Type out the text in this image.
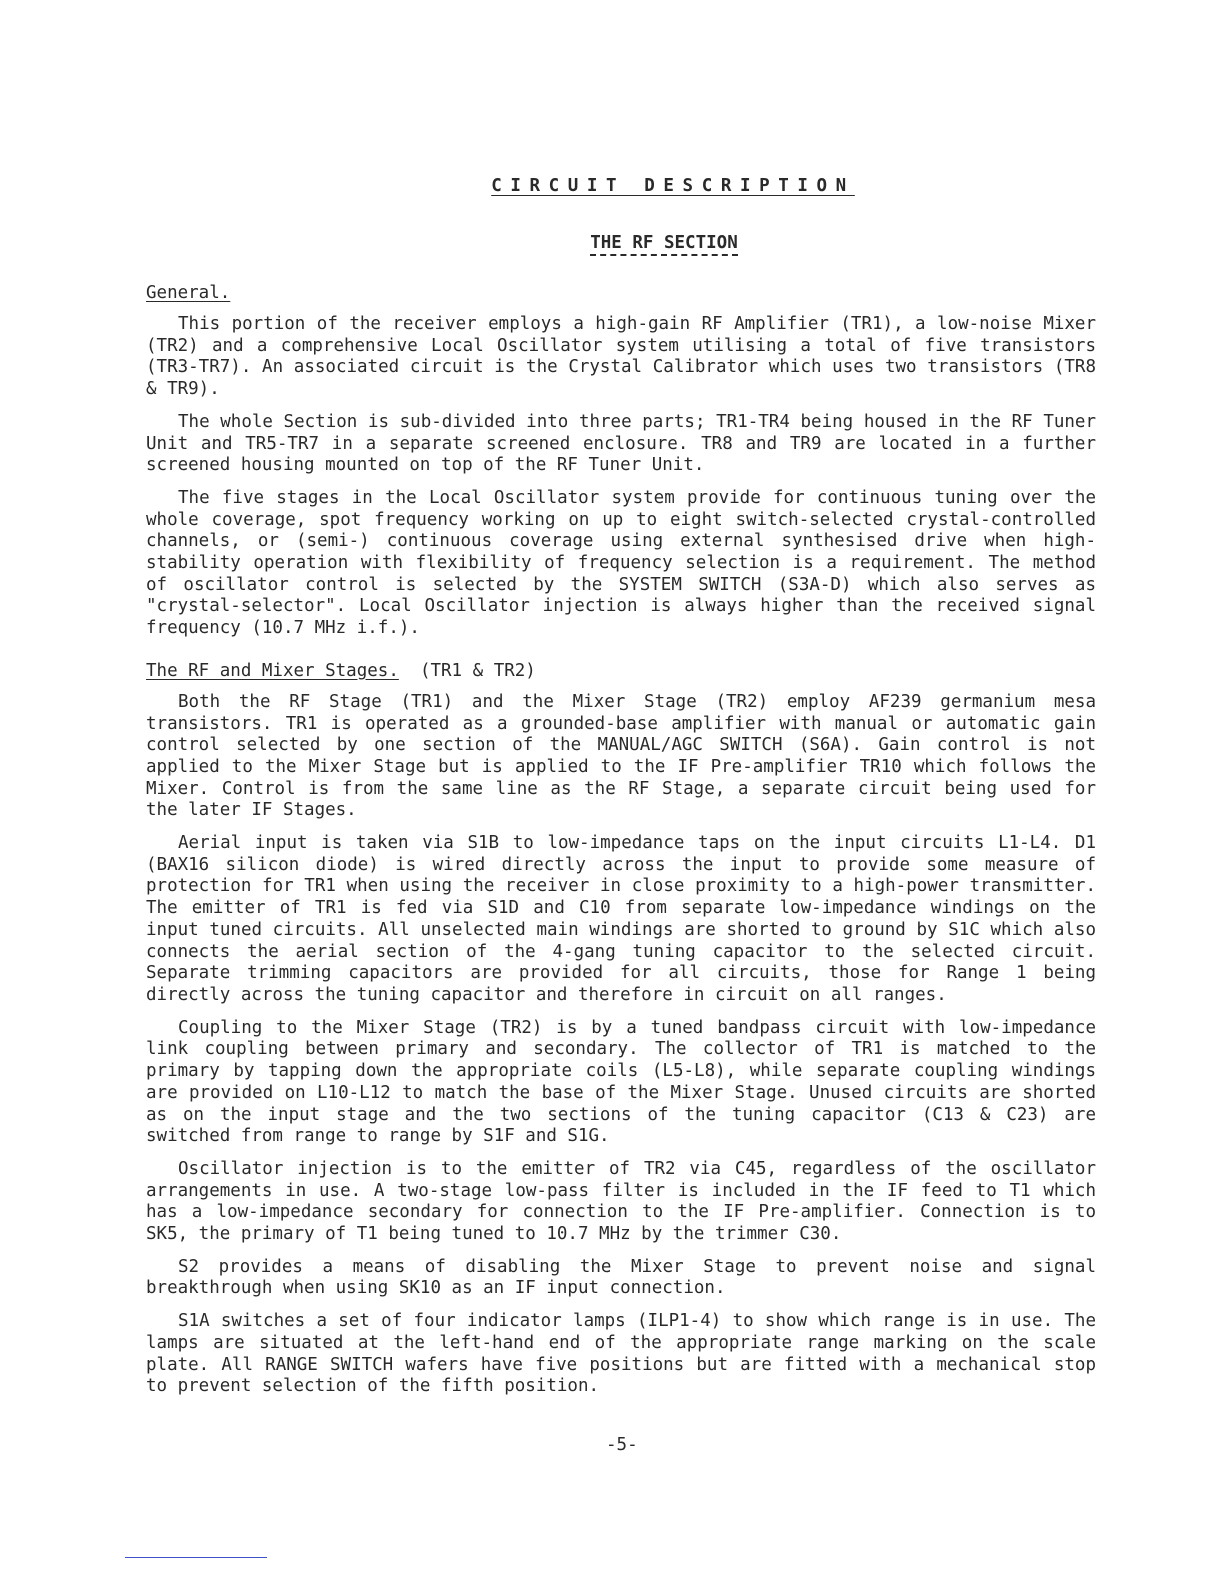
CIRCUIT DESCRIPTION
THE RF SECTION
General.

This portion of the receiver employs a high-gain RF Amplifier (TR1), a low-noise Mixer (TR2) and a comprehensive Local Oscillator system utilising a total of five transistors (TR3-TR7). An associated circuit is the Crystal Calibrator which uses two transistors (TR8 & TR9).

The whole Section is sub-divided into three parts; TR1-TR4 being housed in the RF Tuner Unit and TR5-TR7 in a separate screened enclosure. TR8 and TR9 are located in a further screened housing mounted on top of the RF Tuner Unit.

The five stages in the Local Oscillator system provide for continuous tuning over the whole coverage, spot frequency working on up to eight switch-selected crystal-controlled channels, or (semi-) continuous coverage using external synthesised drive when high-stability operation with flexibility of frequency selection is a requirement. The method of oscillator control is selected by the SYSTEM SWITCH (S3A-D) which also serves as "crystal-selector". Local Oscillator injection is always higher than the received signal frequency (10.7 MHz i.f.).

The RF and Mixer Stages. (TR1 & TR2)

Both the RF Stage (TR1) and the Mixer Stage (TR2) employ AF239 germanium mesa transistors. TR1 is operated as a grounded-base amplifier with manual or automatic gain control selected by one section of the MANUAL/AGC SWITCH (S6A). Gain control is not applied to the Mixer Stage but is applied to the IF Pre-amplifier TR10 which follows the Mixer. Control is from the same line as the RF Stage, a separate circuit being used for the later IF Stages.

Aerial input is taken via S1B to low-impedance taps on the input circuits L1-L4. D1 (BAX16 silicon diode) is wired directly across the input to provide some measure of protection for TR1 when using the receiver in close proximity to a high-power transmitter. The emitter of TR1 is fed via S1D and C10 from separate low-impedance windings on the input tuned circuits. All unselected main windings are shorted to ground by S1C which also connects the aerial section of the 4-gang tuning capacitor to the selected circuit. Separate trimming capacitors are provided for all circuits, those for Range 1 being directly across the tuning capacitor and therefore in circuit on all ranges.

Coupling to the Mixer Stage (TR2) is by a tuned bandpass circuit with low-impedance link coupling between primary and secondary. The collector of TR1 is matched to the primary by tapping down the appropriate coils (L5-L8), while separate coupling windings are provided on L10-L12 to match the base of the Mixer Stage. Unused circuits are shorted as on the input stage and the two sections of the tuning capacitor (C13 & C23) are switched from range to range by S1F and S1G.

Oscillator injection is to the emitter of TR2 via C45, regardless of the oscillator arrangements in use. A two-stage low-pass filter is included in the IF feed to T1 which has a low-impedance secondary for connection to the IF Pre-amplifier. Connection is to SK5, the primary of T1 being tuned to 10.7 MHz by the trimmer C30.

S2 provides a means of disabling the Mixer Stage to prevent noise and signal breakthrough when using SK10 as an IF input connection.

S1A switches a set of four indicator lamps (ILP1-4) to show which range is in use. The lamps are situated at the left-hand end of the appropriate range marking on the scale plate. All RANGE SWITCH wafers have five positions but are fitted with a mechanical stop to prevent selection of the fifth position.

-5-
